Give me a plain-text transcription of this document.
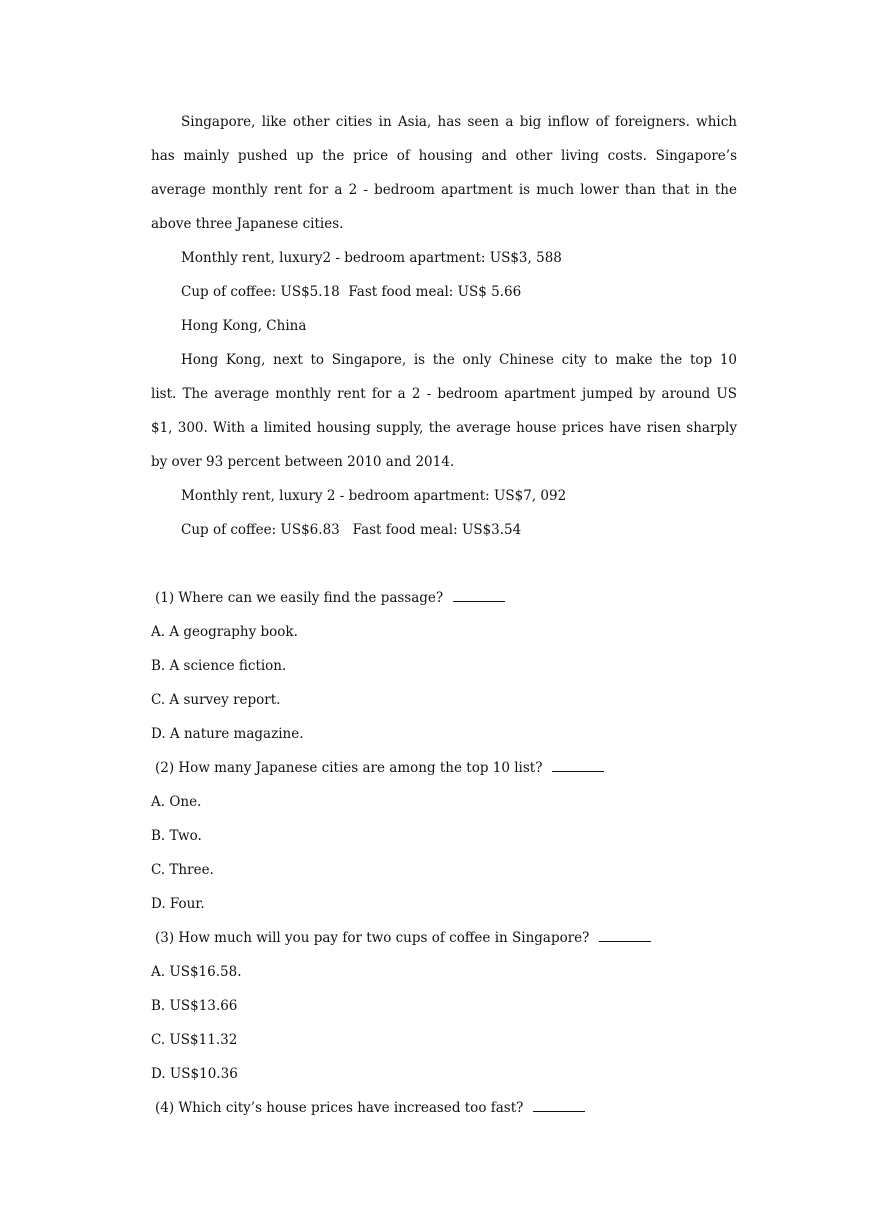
Singapore, like other cities in Asia, has seen a big inflow of foreigners. which
has mainly pushed up the price of housing and other living costs. Singapore’s
average monthly rent for a 2 - bedroom apartment is much lower than that in the
above three Japanese cities.
Monthly rent, luxury2 - bedroom apartment: US$3, 588
Cup of coffee: US$5.18  Fast food meal: US$ 5.66
Hong Kong, China
Hong Kong, next to Singapore, is the only Chinese city to make the top 10
list. The average monthly rent for a 2 - bedroom apartment jumped by around US
$1, 300. With a limited housing supply, the average house prices have risen sharply
by over 93 percent between 2010 and 2014.
Monthly rent, luxury 2 - bedroom apartment: US$7, 092
Cup of coffee: US$6.83   Fast food meal: US$3.54
(1) Where can we easily find the passage?
A. A geography book.
B. A science fiction.
C. A survey report.
D. A nature magazine.
(2) How many Japanese cities are among the top 10 list?
A. One.
B. Two.
C. Three.
D. Four.
(3) How much will you pay for two cups of coffee in Singapore?
A. US$16.58.
B. US$13.66
C. US$11.32
D. US$10.36
(4) Which city’s house prices have increased too fast?
